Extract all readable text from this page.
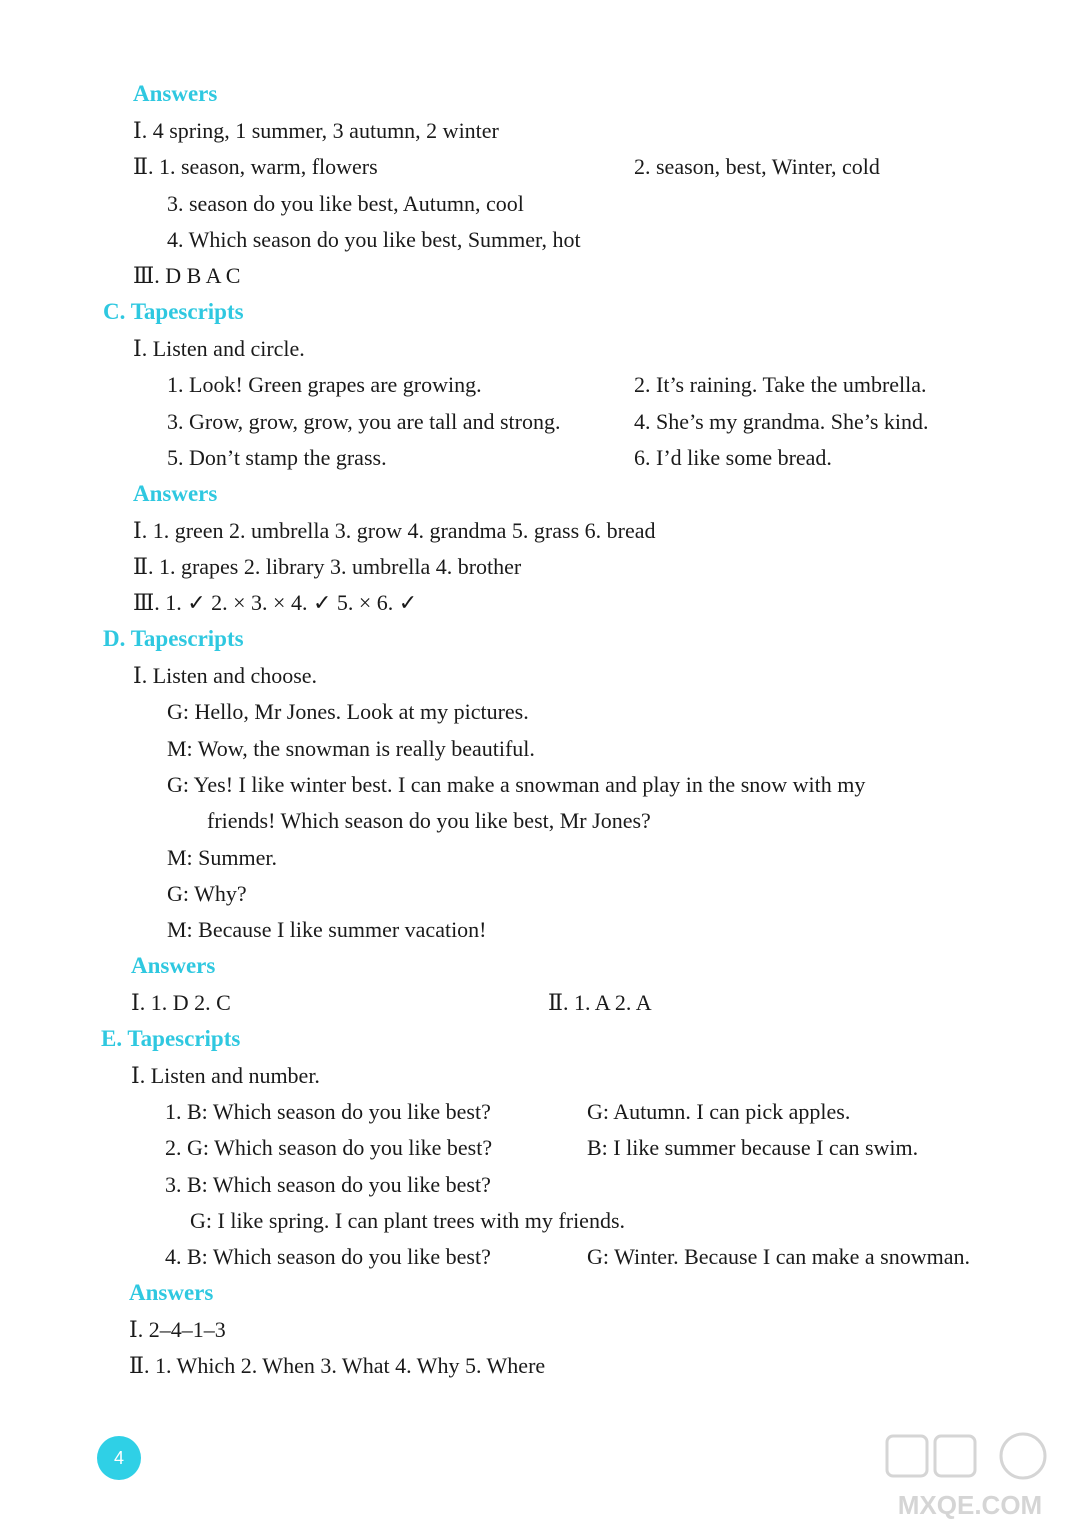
Answers
Ⅰ. 4 spring, 1 summer, 3 autumn, 2 winter
Ⅱ. 1. season, warm, flowers	2. season, best, Winter, cold
3. season do you like best, Autumn, cool
4. Which season do you like best, Summer, hot
Ⅲ. D B A C
C. Tapescripts
Ⅰ. Listen and circle.
1. Look! Green grapes are growing.	2. It’s raining. Take the umbrella.
3. Grow, grow, grow, you are tall and strong.	4. She’s my grandma. She’s kind.
5. Don’t stamp the grass.	6. I’d like some bread.
Answers
Ⅰ. 1. green 2. umbrella 3. grow 4. grandma 5. grass 6. bread
Ⅱ. 1. grapes 2. library 3. umbrella 4. brother
Ⅲ. 1. ✓ 2. × 3. × 4. ✓ 5. × 6. ✓
D. Tapescripts
Ⅰ. Listen and choose.
G: Hello, Mr Jones. Look at my pictures.
M: Wow, the snowman is really beautiful.
G: Yes! I like winter best. I can make a snowman and play in the snow with my
friends! Which season do you like best, Mr Jones?
M: Summer.
G: Why?
M: Because I like summer vacation!
Answers
Ⅰ. 1. D 2. C	Ⅱ. 1. A 2. A
E. Tapescripts
Ⅰ. Listen and number.
1. B: Which season do you like best?	G: Autumn. I can pick apples.
2. G: Which season do you like best?	B: I like summer because I can swim.
3. B: Which season do you like best?
G: I like spring. I can plant trees with my friends.
4. B: Which season do you like best?	G: Winter. Because I can make a snowman.
Answers
Ⅰ. 2–4–1–3
Ⅱ. 1. Which 2. When 3. What 4. Why 5. Where
4
MXQE.COM
